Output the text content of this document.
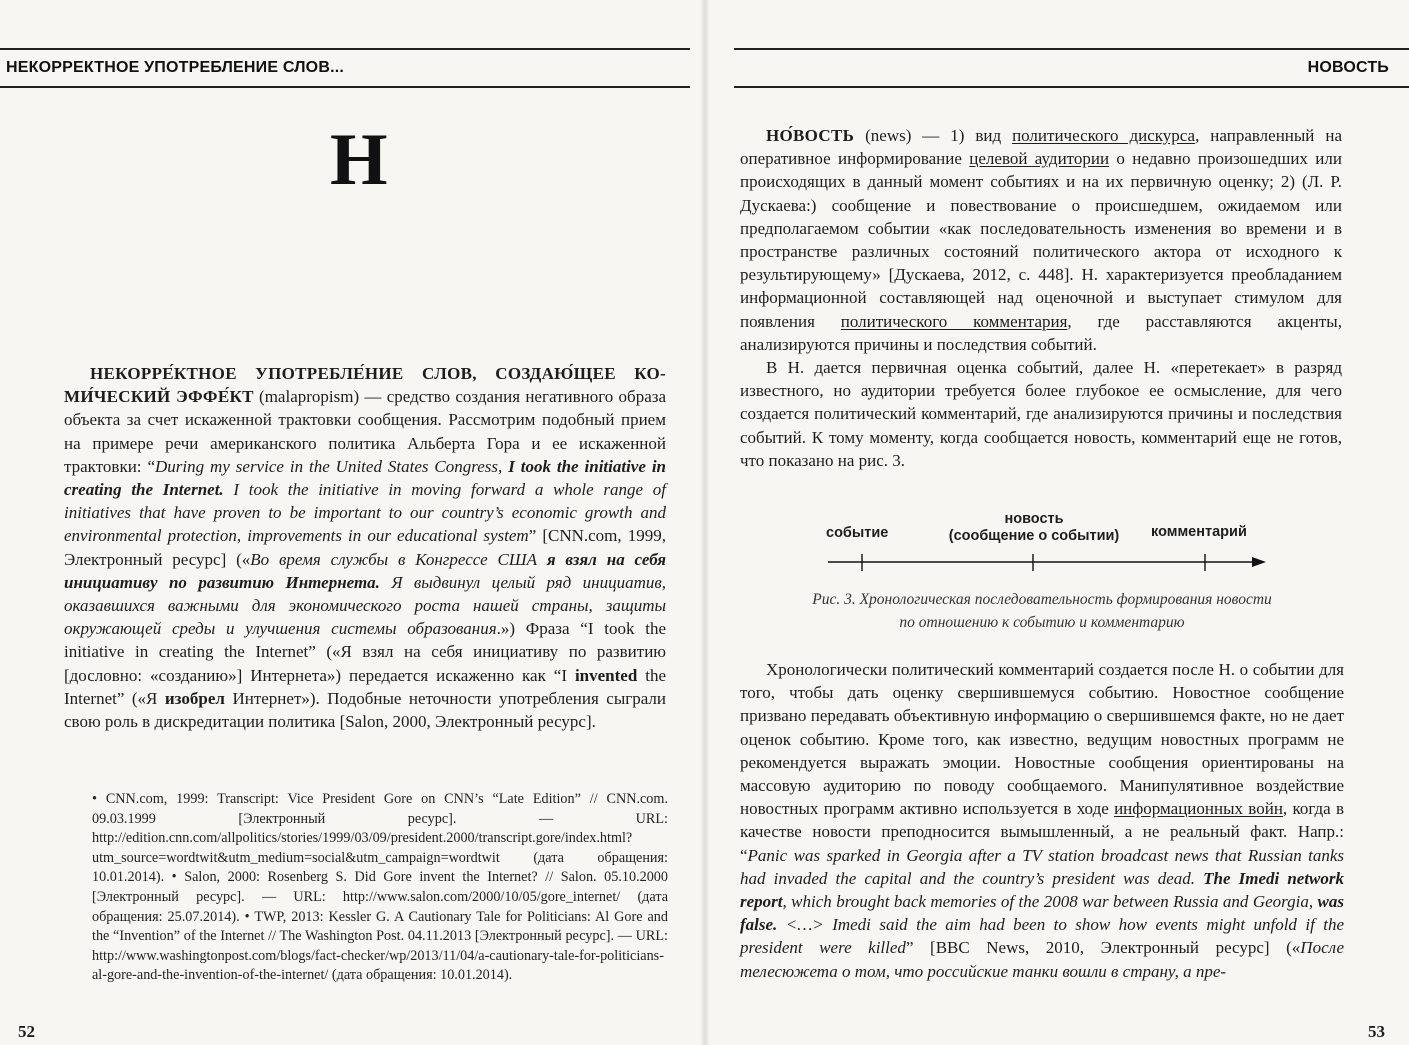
НЕКОРРЕКТНОЕ УПОТРЕБЛЕНИЕ СЛОВ...
Н
НЕКОРРЕ́КТНОЕ УПОТРЕБЛЕ́НИЕ СЛОВ, СОЗДАЮ́ЩЕЕ КО- МИ́ЧЕСКИЙ ЭФФЕ́КТ (malapropism) — средство создания негативного образа объекта за счет искаженной трактовки сообщения. Рассмотрим подобный прием на примере речи американского политика Альберта Гора и ее искаженной трактовки: “During my service in the United States Congress, I took the initiative in creating the Internet. I took the initiative in moving forward a whole range of initiatives that have proven to be important to our country’s economic growth and environmental protection, improvements in our educational system” [CNN.com, 1999, Электронный ресурс] («Во время службы в Конгрессе США я взял на себя инициативу по развитию Интернета. Я выдвинул целый ряд инициатив, оказавшихся важными для экономического роста нашей страны, защиты окружающей среды и улучшения системы образования.») Фраза “I took the initiative in creating the Internet” («Я взял на себя инициативу по развитию [дословно: «созданию»] Интернета») передается искаженно как “I invented the Internet” («Я изобрел Интернет»). Подобные неточности употребления сыграли свою роль в дискредитации политика [Salon, 2000, Электронный ресурс].
• CNN.com, 1999: Transcript: Vice President Gore on CNN’s “Late Edition” // CNN.com. 09.03.1999 [Электронный ресурс]. — URL: http://edition.cnn.com/allpolitics/stories/1999/03/09/president.2000/transcript.gore/index.html?utm_source=wordtwit&utm_medium=social&utm_campaign=wordtwit (дата обращения: 10.01.2014). • Salon, 2000: Rosenberg S. Did Gore invent the Internet? // Salon. 05.10.2000 [Электронный ресурс]. — URL: http://www.salon.com/2000/10/05/gore_internet/ (дата обращения: 25.07.2014). • TWP, 2013: Kessler G. A Cautionary Tale for Politicians: Al Gore and the “Invention” of the Internet // The Washington Post. 04.11.2013 [Электронный ресурс]. — URL: http://www.washingtonpost.com/blogs/fact-checker/wp/2013/11/04/a-cautionary-tale-for-politicians-al-gore-and-the-invention-of-the-internet/ (дата обращения: 10.01.2014).
52
НОВОСТЬ
НО́ВОСТЬ (news) — 1) вид политического дискурса, направленный на оперативное информирование целевой аудитории о недавно произошедших или происходящих в данный момент событиях и на их первичную оценку; 2) (Л. Р. Дускаева:) сообщение и повествование о происшедшем, ожидаемом или предполагаемом событии «как последовательность изменения во времени и в пространстве различных состояний политического актора от исходного к результирующему» [Дускаева, 2012, с. 448]. Н. характеризуется преобладанием информационной составляющей над оценочной и выступает стимулом для появления политического комментария, где расставляются акценты, анализируются причины и последствия событий.
В Н. дается первичная оценка событий, далее Н. «перетекает» в разряд известного, но аудитории требуется более глубокое ее осмысление, для чего создается политический комментарий, где анализируются причины и последствия событий. К тому моменту, когда сообщается новость, комментарий еще не готов, что показано на рис. 3.
событие
новость
(сообщение о событии)	комментарий
Рис. 3. Хронологическая последовательность формирования новости
по отношению к событию и комментарию
Хронологически политический комментарий создается после Н. о событии для того, чтобы дать оценку свершившемуся событию. Новостное сообщение призвано передавать объективную информацию о свершившемся факте, но не дает оценок событию. Кроме того, как известно, ведущим новостных программ не рекомендуется выражать эмоции. Новостные сообщения ориентированы на массовую аудиторию по поводу сообщаемого. Манипулятивное воздействие новостных программ активно используется в ходе информационных войн, когда в качестве новости преподносится вымышленный, а не реальный факт. Напр.: “Panic was sparked in Georgia after a TV station broadcast news that Russian tanks had invaded the capital and the country’s president was dead. The Imedi network report, which brought back memories of the 2008 war between Russia and Georgia, was false. <…> Imedi said the aim had been to show how events might unfold if the president were killed” [BBC News, 2010, Электронный ресурс] («После телесюжета о том, что российские танки вошли в страну, а пре-
53
